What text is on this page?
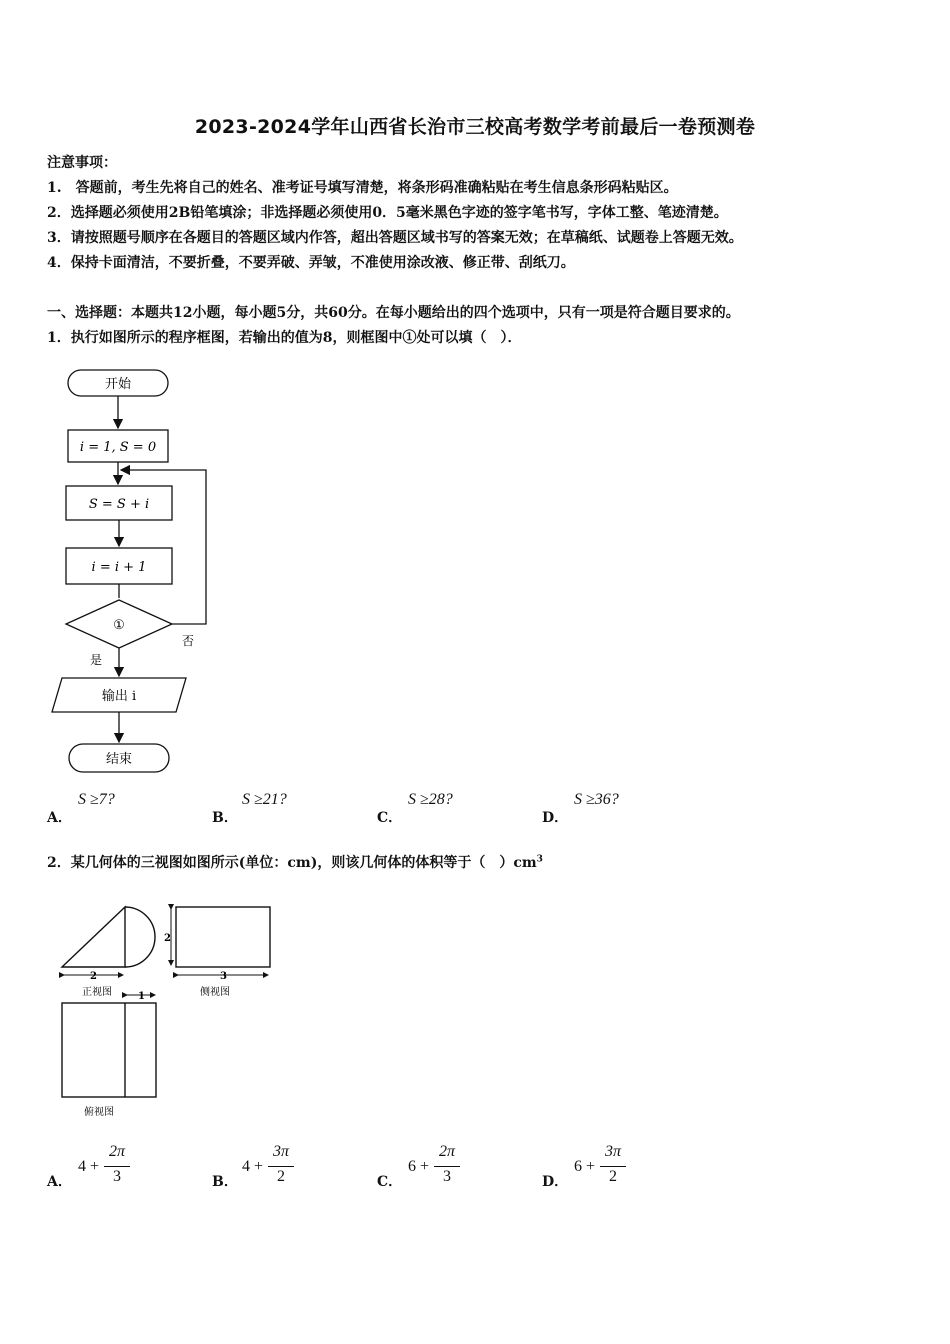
2023-2024学年山西省长治市三校高考数学考前最后一卷预测卷
注意事项：
1.　答题前，考生先将自己的姓名、准考证号填写清楚，将条形码准确粘贴在考生信息条形码粘贴区。
2．选择题必须使用2B铅笔填涂；非选择题必须使用0．5毫米黑色字迹的签字笔书写，字体工整、笔迹清楚。
3．请按照题号顺序在各题目的答题区域内作答，超出答题区域书写的答案无效；在草稿纸、试题卷上答题无效。
4．保持卡面清洁，不要折叠，不要弄破、弄皱，不准使用涂改液、修正带、刮纸刀。
一、选择题：本题共12小题，每小题5分，共60分。在每小题给出的四个选项中，只有一项是符合题目要求的。
1．执行如图所示的程序框图，若输出的值为8，则框图中①处可以填（　）．
开始
i = 1, S = 0
S = S + i
i = i + 1
①
否
是
输出 i
结束
A．
S ≥7?
B．
S ≥21?
C．
S ≥28?
D．
S ≥36?
2．某几何体的三视图如图所示(单位：cm)，则该几何体的体积等于（　）$cm^3$
2
正视图
2
3
侧视图
1
俯视图
A．
4 +
2π
3	B．
4 +
3π
2	C．
6 +
2π
3	D．
6 +
3π
2
